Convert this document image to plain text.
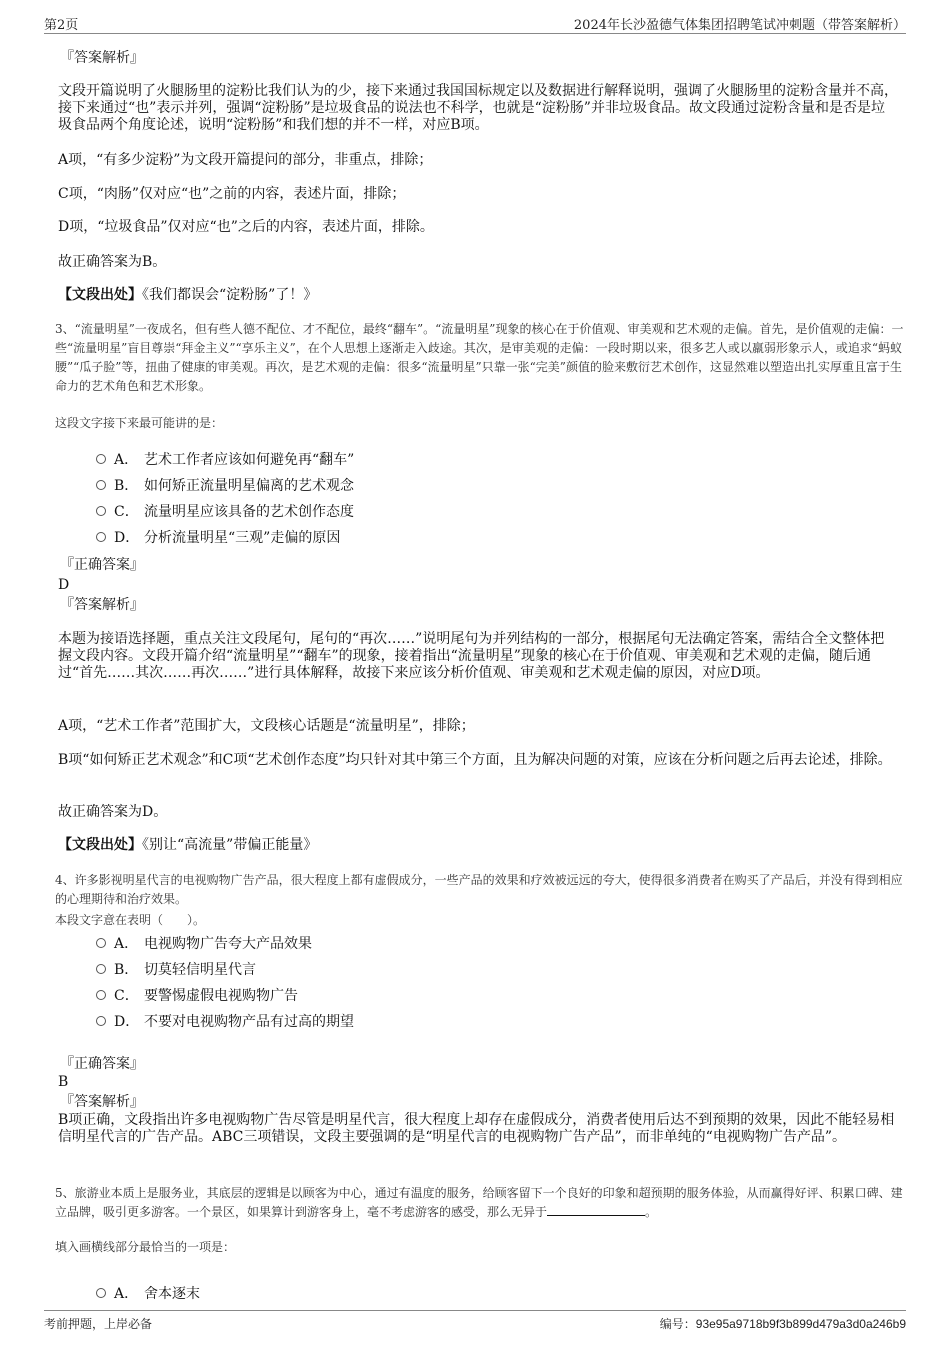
第2页	2024年长沙盈德气体集团招聘笔试冲刺题（带答案解析）
『答案解析』

文段开篇说明了火腿肠里的淀粉比我们认为的少，接下来通过我国国标规定以及数据进行解释说明，强调了火腿肠里的淀粉含量并不高，接下来通过“也”表示并列，强调“淀粉肠”是垃圾食品的说法也不科学，也就是“淀粉肠”并非垃圾食品。故文段通过淀粉含量和是否是垃圾食品两个角度论述，说明“淀粉肠”和我们想的并不一样，对应B项。

A项，“有多少淀粉”为文段开篇提问的部分，非重点，排除；

C项，“肉肠”仅对应“也”之前的内容，表述片面，排除；

D项，“垃圾食品”仅对应“也”之后的内容，表述片面，排除。

故正确答案为B。

【文段出处】《我们都误会“淀粉肠”了！》

3、“流量明星”一夜成名，但有些人德不配位、才不配位，最终“翻车”。“流量明星”现象的核心在于价值观、审美观和艺术观的走偏。首先，是价值观的走偏：一些“流量明星”盲目尊崇“拜金主义”“享乐主义”，在个人思想上逐渐走入歧途。其次，是审美观的走偏：一段时期以来，很多艺人或以羸弱形象示人，或追求“蚂蚁腰”“瓜子脸”等，扭曲了健康的审美观。再次，是艺术观的走偏：很多“流量明星”只靠一张“完美”颜值的脸来敷衍艺术创作，这显然难以塑造出扎实厚重且富于生命力的艺术角色和艺术形象。

这段文字接下来最可能讲的是：

A． 艺术工作者应该如何避免再“翻车”
B． 如何矫正流量明星偏离的艺术观念
C． 流量明星应该具备的艺术创作态度
D． 分析流量明星“三观”走偏的原因
『正确答案』
D
『答案解析』

本题为接语选择题，重点关注文段尾句，尾句的“再次……”说明尾句为并列结构的一部分，根据尾句无法确定答案，需结合全文整体把握文段内容。文段开篇介绍“流量明星”“翻车”的现象，接着指出“流量明星”现象的核心在于价值观、审美观和艺术观的走偏，随后通过“首先……其次……再次……”进行具体解释，故接下来应该分析价值观、审美观和艺术观走偏的原因，对应D项。

A项，“艺术工作者”范围扩大，文段核心话题是“流量明星”，排除；

B项“如何矫正艺术观念”和C项“艺术创作态度”均只针对其中第三个方面，且为解决问题的对策，应该在分析问题之后再去论述，排除。

故正确答案为D。

【文段出处】《别让“高流量”带偏正能量》

4、许多影视明星代言的电视购物广告产品，很大程度上都有虚假成分，一些产品的效果和疗效被远远的夸大，使得很多消费者在购买了产品后，并没有得到相应的心理期待和治疗效果。

本段文字意在表明（　　）。

A． 电视购物广告夸大产品效果
B． 切莫轻信明星代言
C． 要警惕虚假电视购物广告
D． 不要对电视购物产品有过高的期望
『正确答案』
B
『答案解析』

B项正确，文段指出许多电视购物广告尽管是明星代言，很大程度上却存在虚假成分，消费者使用后达不到预期的效果，因此不能轻易相信明星代言的广告产品。ABC三项错误，文段主要强调的是“明星代言的电视购物广告产品”，而非单纯的“电视购物广告产品”。

5、旅游业本质上是服务业，其底层的逻辑是以顾客为中心，通过有温度的服务，给顾客留下一个良好的印象和超预期的服务体验，从而赢得好评、积累口碑、建立品牌，吸引更多游客。一个景区，如果算计到游客身上，毫不考虑游客的感受，那么无异于	。

填入画横线部分最恰当的一项是：

A． 舍本逐末
考前押题，上岸必备	编号：93e95a9718b9f3b899d479a3d0a246b9
